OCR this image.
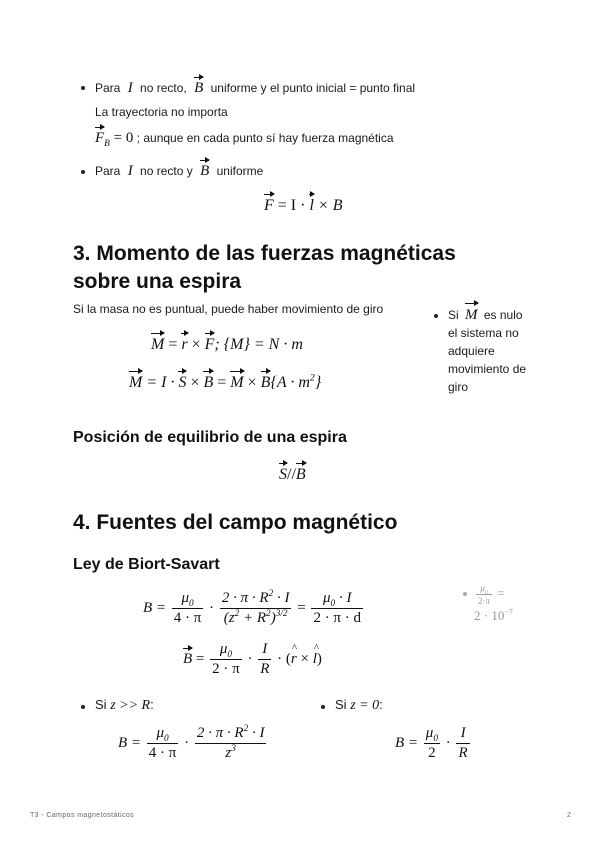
Para I no recto, B uniforme y el punto inicial = punto final
La trayectoria no importa
$F_B = 0$ ; aunque en cada punto sí hay fuerza magnética
Para I no recto y B uniforme
F = I · l × B
3. Momento de las fuerzas magnéticas
sobre una espira
Si la masa no es puntual, puede haber movimiento de giro
M = r × F; {M} = N · m
$M = I \cdot S \times B = M \times B\{A \cdot m^2\}$
Si M es nulo
el sistema no
adquiere
movimiento de
giro
Posición de equilibrio de una espira
S//B
4. Fuentes del campo magnético
Ley de Biort-Savart
$B = \frac{\mu_0}{4 \cdot \pi} \cdot \frac{2 \cdot \pi \cdot R^2 \cdot I}{(z^2 + R^2)^{3/2}} = \frac{\mu_0 \cdot I}{2 \cdot \pi \cdot d}$	$\frac{\mu_0}{2\cdot\pi}$ =
$2 \cdot 10^{-7}$
$B = \frac{\mu_0}{2 \cdot \pi} \cdot \frac{I}{R}$ · (^ r × ^ l)
Si z >> R:	Si z = 0:
$B = \frac{\mu_0}{4 \cdot \pi} \cdot \frac{2 \cdot \pi \cdot R^2 \cdot I}{z^3}$	$B = \frac{\mu_0}{2} \cdot \frac{I}{R}$
T3 - Campos magnetostáticos	2
